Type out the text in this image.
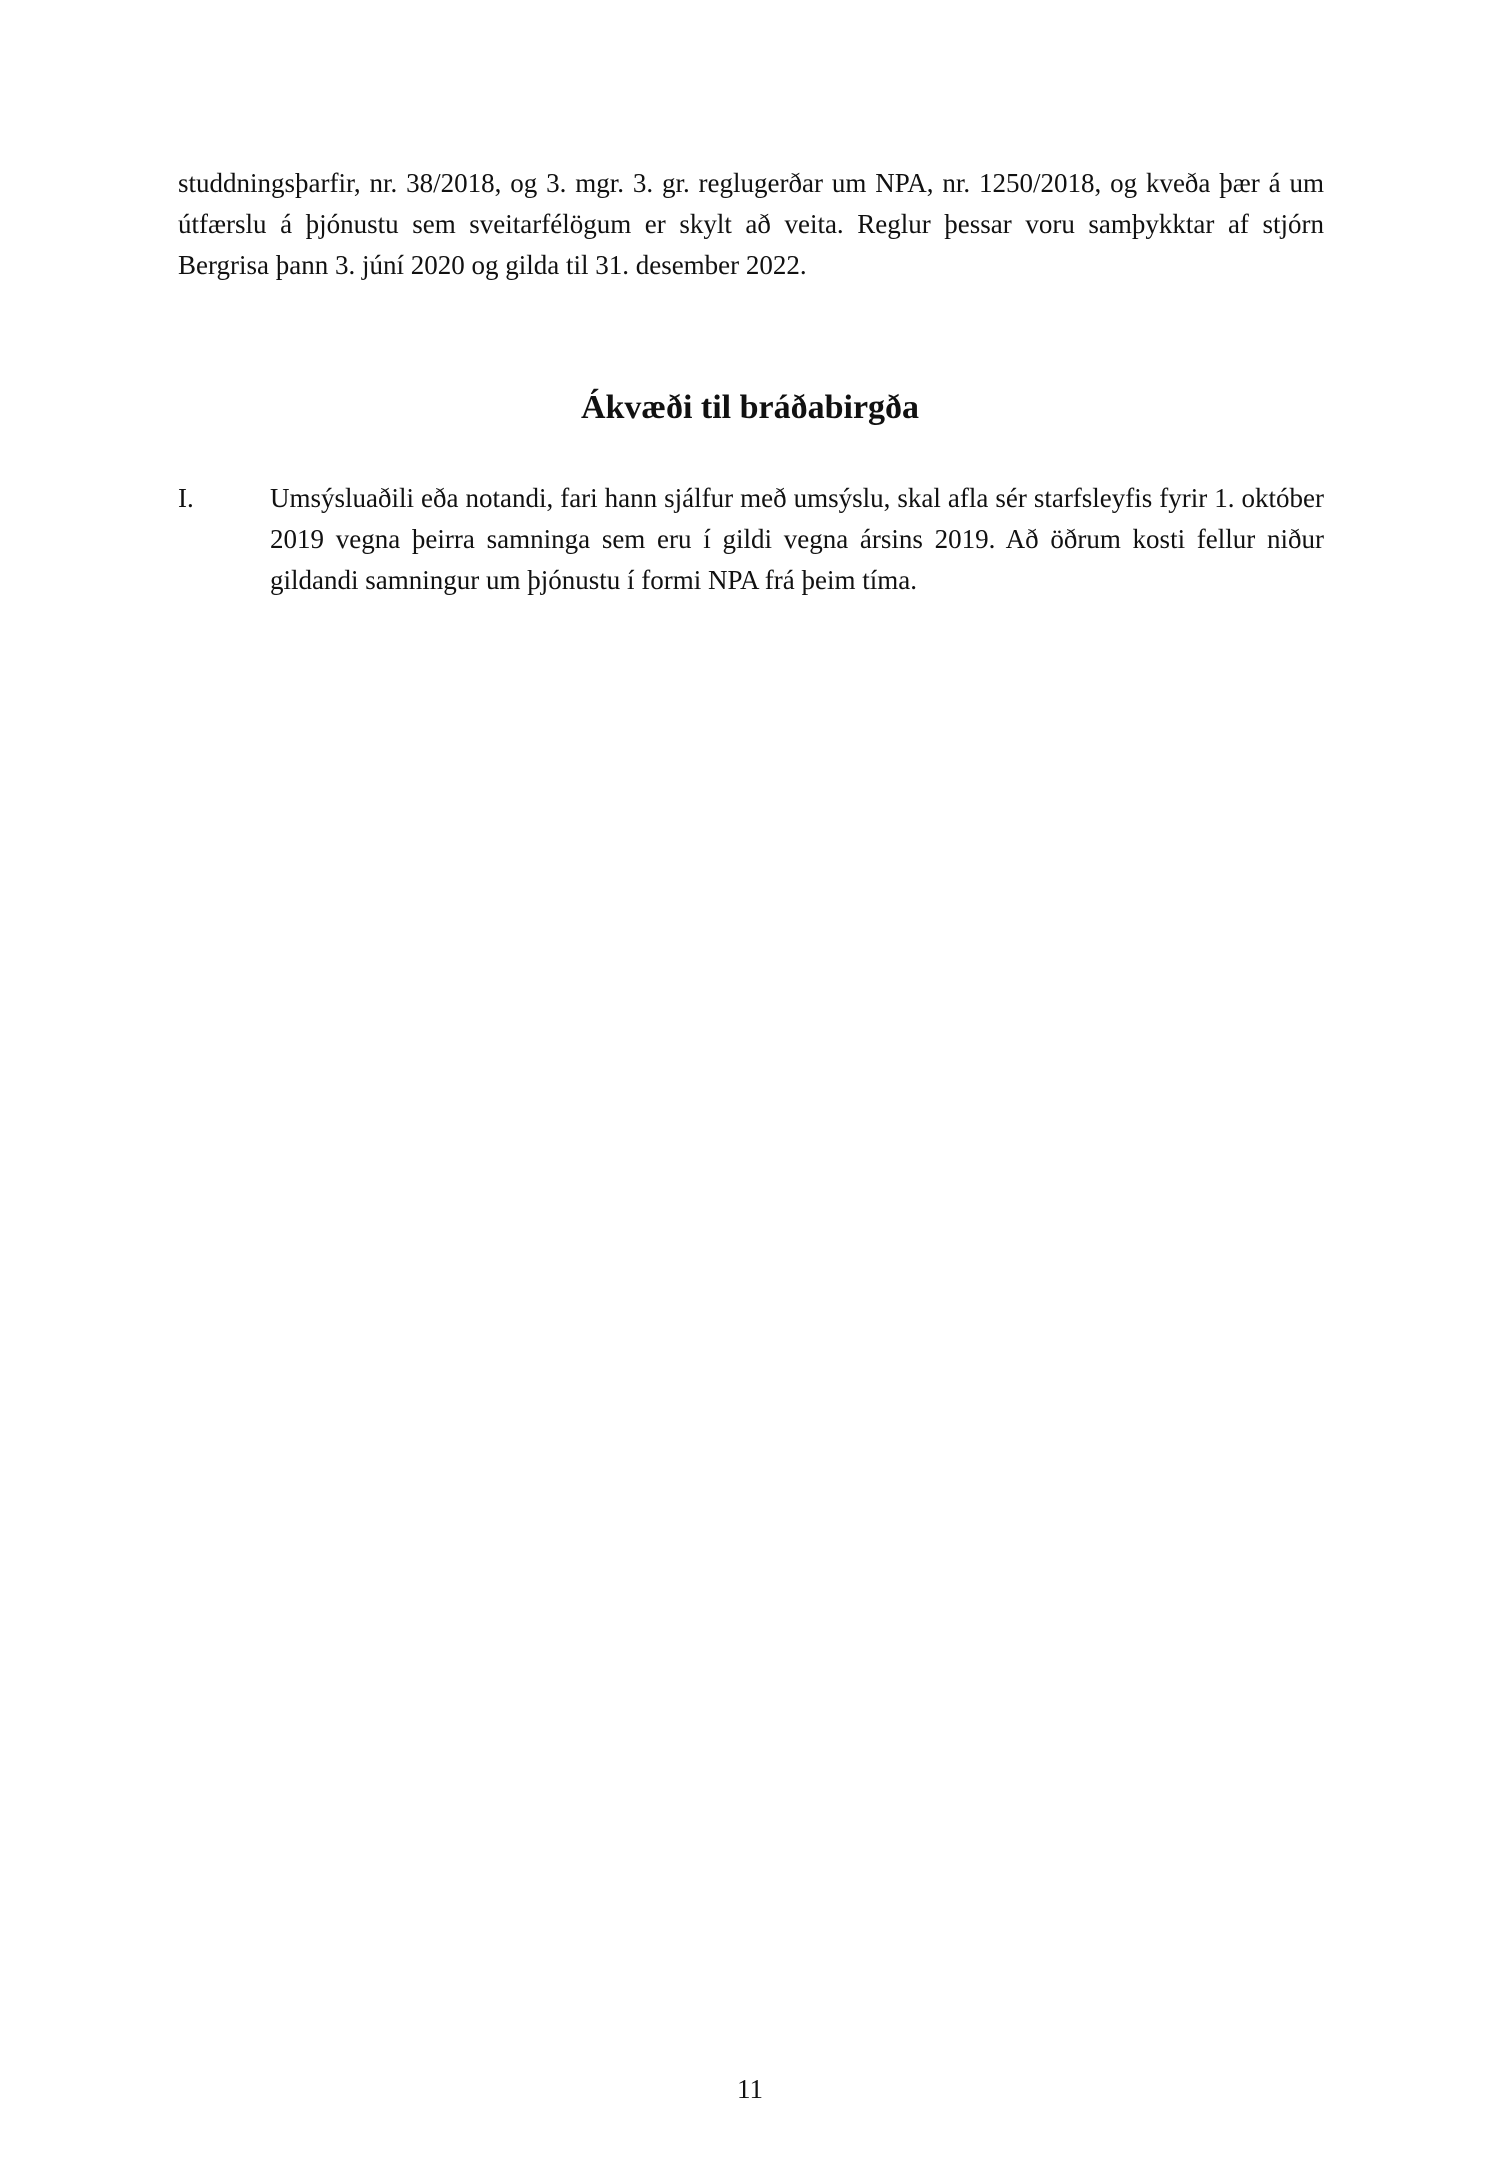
studdningsþarfir, nr. 38/2018, og 3. mgr. 3. gr. reglugerðar um NPA, nr. 1250/2018, og kveða þær á um útfærslu á þjónustu sem sveitarfélögum er skylt að veita. Reglur þessar voru samþykktar af stjórn Bergrisa þann 3. júní 2020 og gilda til 31. desember 2022.

Ákvæði til bráðabirgða
I.	Umsýsluaðili eða notandi, fari hann sjálfur með umsýslu, skal afla sér starfsleyfis fyrir 1. október 2019 vegna þeirra samninga sem eru í gildi vegna ársins 2019. Að öðrum kosti fellur niður gildandi samningur um þjónustu í formi NPA frá þeim tíma.

11
